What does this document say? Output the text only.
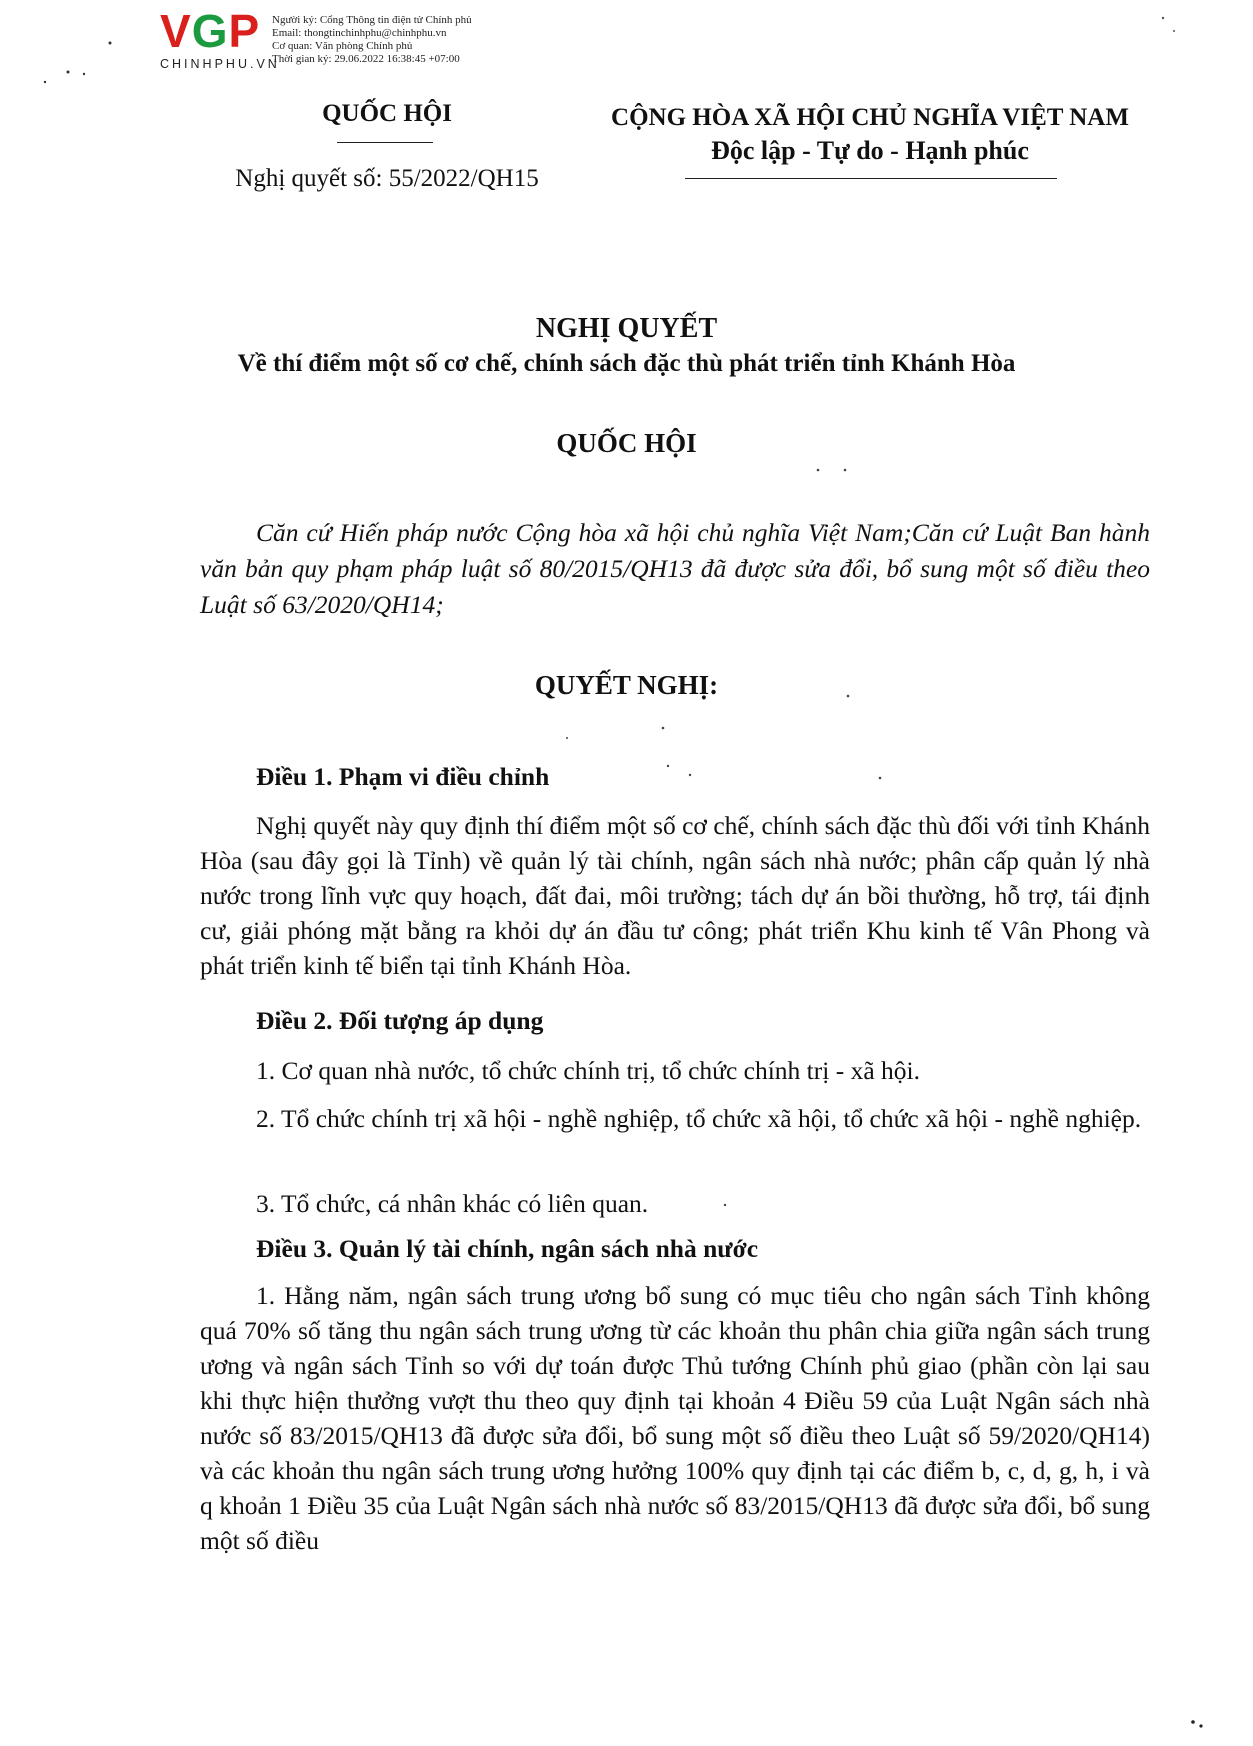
VGP
CHINHPHU.VN
Người ký: Cổng Thông tin điện tử Chính phủ
Email: thongtinchinhphu@chinhphu.vn
Cơ quan: Văn phòng Chính phủ
Thời gian ký: 29.06.2022 16:38:45 +07:00
QUỐC HỘI
Nghị quyết số: 55/2022/QH15
CỘNG HÒA XÃ HỘI CHỦ NGHĨA VIỆT NAM
Độc lập - Tự do - Hạnh phúc
NGHỊ QUYẾT
Về thí điểm một số cơ chế, chính sách đặc thù phát triển tỉnh Khánh Hòa
QUỐC HỘI
Căn cứ Hiến pháp nước Cộng hòa xã hội chủ nghĩa Việt Nam;Căn cứ Luật Ban hành văn bản quy phạm pháp luật số 80/2015/QH13 đã được sửa đổi, bổ sung một số điều theo Luật số 63/2020/QH14;
QUYẾT NGHỊ:
Điều 1. Phạm vi điều chỉnh
Nghị quyết này quy định thí điểm một số cơ chế, chính sách đặc thù đối với tỉnh Khánh Hòa (sau đây gọi là Tỉnh) về quản lý tài chính, ngân sách nhà nước; phân cấp quản lý nhà nước trong lĩnh vực quy hoạch, đất đai, môi trường; tách dự án bồi thường, hỗ trợ, tái định cư, giải phóng mặt bằng ra khỏi dự án đầu tư công; phát triển Khu kinh tế Vân Phong và phát triển kinh tế biển tại tỉnh Khánh Hòa.
Điều 2. Đối tượng áp dụng
1. Cơ quan nhà nước, tổ chức chính trị, tổ chức chính trị - xã hội.
2. Tổ chức chính trị xã hội - nghề nghiệp, tổ chức xã hội, tổ chức xã hội - nghề nghiệp.
3. Tổ chức, cá nhân khác có liên quan.
Điều 3. Quản lý tài chính, ngân sách nhà nước
1. Hằng năm, ngân sách trung ương bổ sung có mục tiêu cho ngân sách Tỉnh không quá 70% số tăng thu ngân sách trung ương từ các khoản thu phân chia giữa ngân sách trung ương và ngân sách Tỉnh so với dự toán được Thủ tướng Chính phủ giao (phần còn lại sau khi thực hiện thưởng vượt thu theo quy định tại khoản 4 Điều 59 của Luật Ngân sách nhà nước số 83/2015/QH13 đã được sửa đổi, bổ sung một số điều theo Luật số 59/2020/QH14) và các khoản thu ngân sách trung ương hưởng 100% quy định tại các điểm b, c, d, g, h, i và q khoản 1 Điều 35 của Luật Ngân sách nhà nước số 83/2015/QH13 đã được sửa đổi, bổ sung một số điều
